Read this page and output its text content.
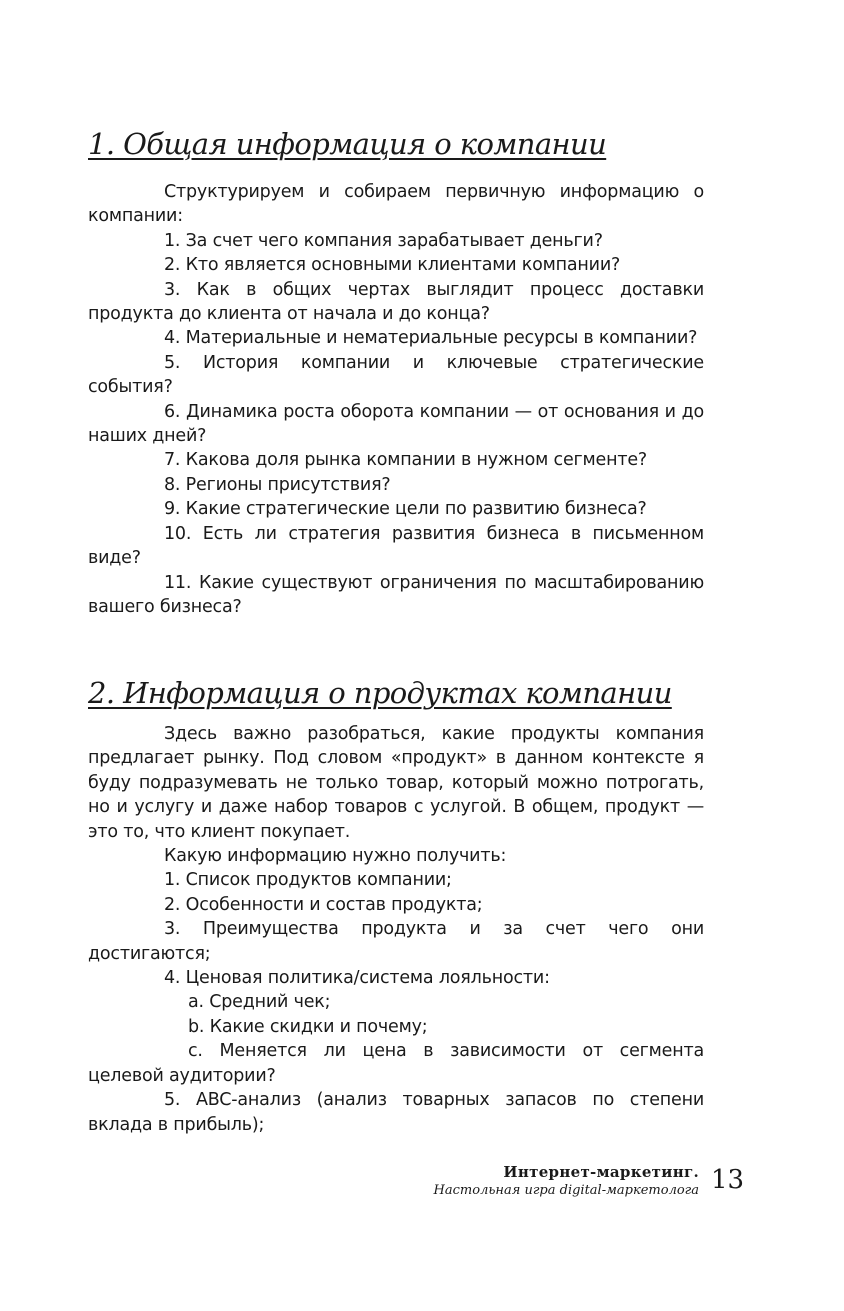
1. Общая информация о компании

Структурируем и собираем первичную информацию о компании:

1. За счет чего компания зарабатывает деньги?

2. Кто является основными клиентами компании?

3. Как в общих чертах выглядит процесс доставки продукта до клиента от начала и до конца?

4. Материальные и нематериальные ресурсы в компании?

5. История компании и ключевые стратегические события?

6. Динамика роста оборота компании — от основания и до наших дней?

7. Какова доля рынка компании в нужном сегменте?

8. Регионы присутствия?

9. Какие стратегические цели по развитию бизнеса?

10. Есть ли стратегия развития бизнеса в письменном виде?

11. Какие существуют ограничения по масштабированию вашего бизнеса?

2. Информация о продуктах компании

Здесь важно разобраться, какие продукты компания предлагает рынку. Под словом «продукт» в данном контексте я буду подразумевать не только товар, который можно потрогать, но и услугу и даже набор товаров с услугой. В общем, продукт — это то, что клиент покупает.

Какую информацию нужно получить:

1. Список продуктов компании;

2. Особенности и состав продукта;

3. Преимущества продукта и за счет чего они достигаются;

4. Ценовая политика/система лояльности:

a. Средний чек;

b. Какие скидки и почему;

c. Меняется ли цена в зависимости от сегмента целевой аудитории?

5. ABC-анализ (анализ товарных запасов по степени вклада в прибыль);

Интернет-маркетинг.
Настольная игра digital-маркетолога 13
